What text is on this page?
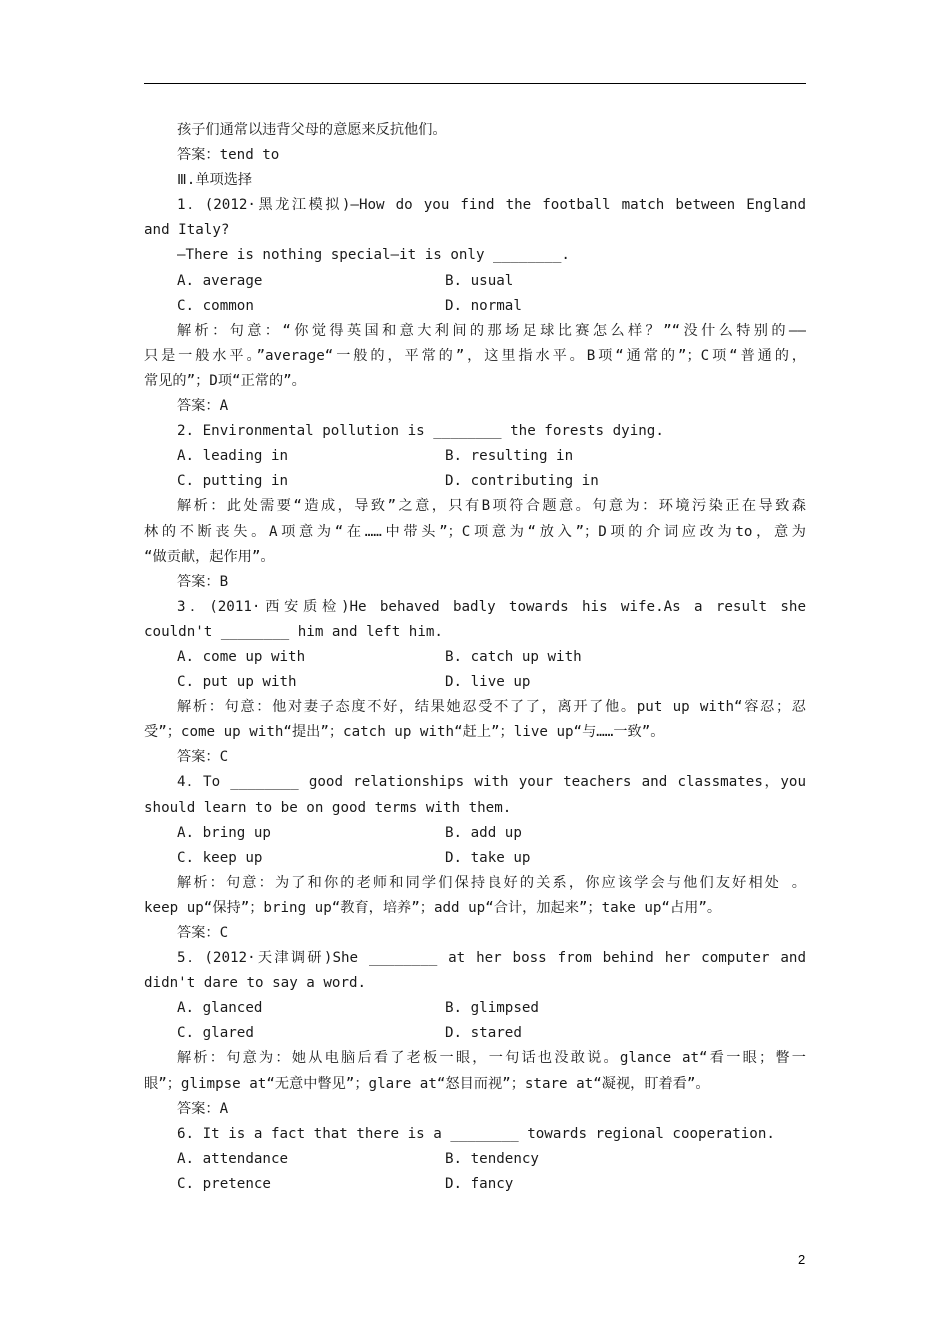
孩子们通常以违背父母的意愿来反抗他们。
答案：tend to
Ⅲ.单项选择
1．(2012·黑龙江模拟)—How do you find the football match between England
and Italy?
—There is nothing special—it is only ________.
A. average	B. usual
C. common	D. normal
解析：句意：“你觉得英国和意大利间的那场足球比赛怎么样？”“没什么特别的——
只是一般水平。”average“一般的，平常的”，这里指水平。B项“通常的”；C项“普通的，
常见的”；D项“正常的”。
答案：A
2. Environmental pollution is ________ the forests dying.
A. leading in	B. resulting in
C. putting in	D. contributing in
解析：此处需要“造成，导致”之意，只有B项符合题意。句意为：环境污染正在导致森
林的不断丧失。A项意为“在……中带头”；C项意为“放入”；D项的介词应改为to，意为
“做贡献，起作用”。
答案：B
3．(2011·西安质检)He behaved badly towards his wife.As a result she
couldn't ________ him and left him.
A. come up with	B. catch up with
C. put up with	D. live up
解析：句意：他对妻子态度不好，结果她忍受不了了，离开了他。put up with“容忍；忍
受”；come up with“提出”；catch up with“赶上”；live up“与……一致”。
答案：C
4．To ________ good relationships with your teachers and classmates，you
should learn to be on good terms with them.
A. bring up	B. add up
C. keep up	D. take up
解析：句意：为了和你的老师和同学们保持良好的关系，你应该学会与他们友好相处 。
keep up“保持”；bring up“教育，培养”；add up“合计，加起来”；take up“占用”。
答案：C
5．(2012·天津调研)She ________ at her boss from behind her computer and
didn't dare to say a word.
A. glanced	B. glimpsed
C. glared	D. stared
解析：句意为：她从电脑后看了老板一眼，一句话也没敢说。glance at“看一眼；瞥一
眼”；glimpse at“无意中瞥见”；glare at“怒目而视”；stare at“凝视，盯着看”。
答案：A
6. It is a fact that there is a ________ towards regional cooperation.
A. attendance	B. tendency
C. pretence	D. fancy
2
